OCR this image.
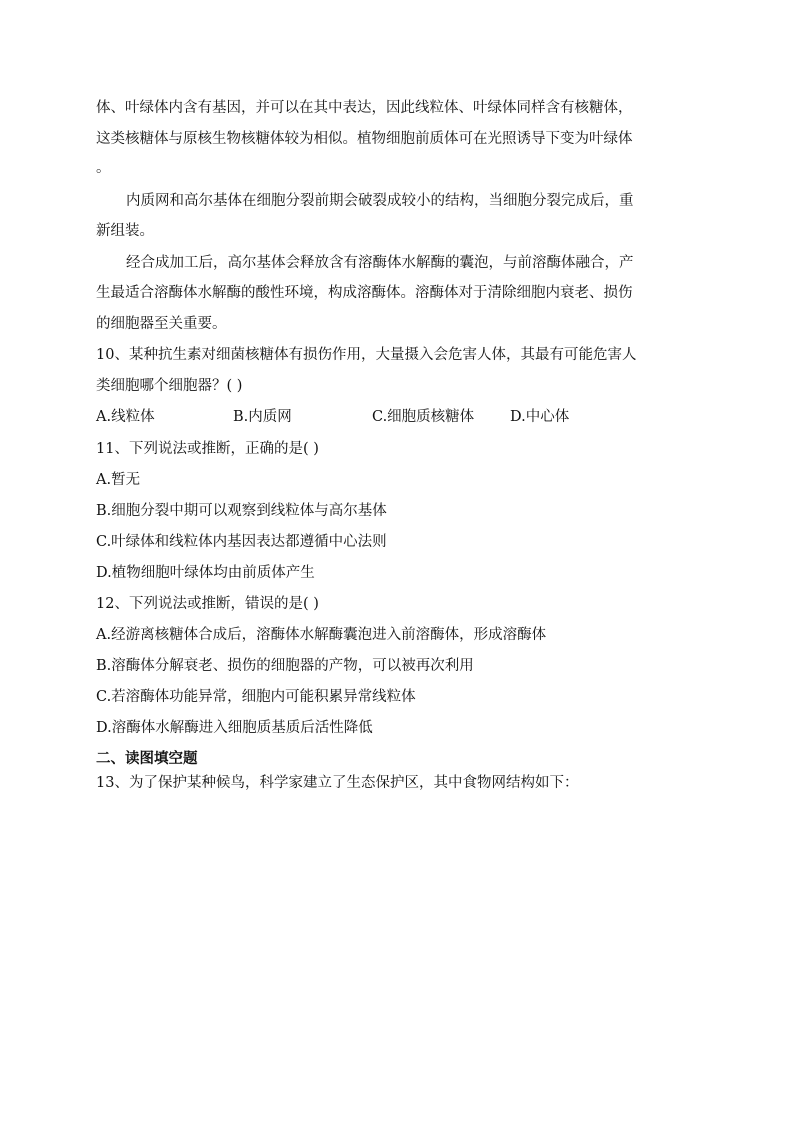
体、叶绿体内含有基因，并可以在其中表达，因此线粒体、叶绿体同样含有核糖体，
这类核糖体与原核生物核糖体较为相似。植物细胞前质体可在光照诱导下变为叶绿体
。
内质网和高尔基体在细胞分裂前期会破裂成较小的结构，当细胞分裂完成后，重
新组装。
经合成加工后，高尔基体会释放含有溶酶体水解酶的囊泡，与前溶酶体融合，产
生最适合溶酶体水解酶的酸性环境，构成溶酶体。溶酶体对于清除细胞内衰老、损伤
的细胞器至关重要。
10、某种抗生素对细菌核糖体有损伤作用，大量摄入会危害人体，其最有可能危害人
类细胞哪个细胞器？( )
A.线粒体	B.内质网	C.细胞质核糖体 D.中心体
11、下列说法或推断，正确的是( )
A.暂无
B.细胞分裂中期可以观察到线粒体与高尔基体
C.叶绿体和线粒体内基因表达都遵循中心法则
D.植物细胞叶绿体均由前质体产生
12、下列说法或推断，错误的是( )
A.经游离核糖体合成后，溶酶体水解酶囊泡进入前溶酶体，形成溶酶体
B.溶酶体分解衰老、损伤的细胞器的产物，可以被再次利用
C.若溶酶体功能异常，细胞内可能积累异常线粒体
D.溶酶体水解酶进入细胞质基质后活性降低
二、读图填空题
13、为了保护某种候鸟，科学家建立了生态保护区，其中食物网结构如下：
